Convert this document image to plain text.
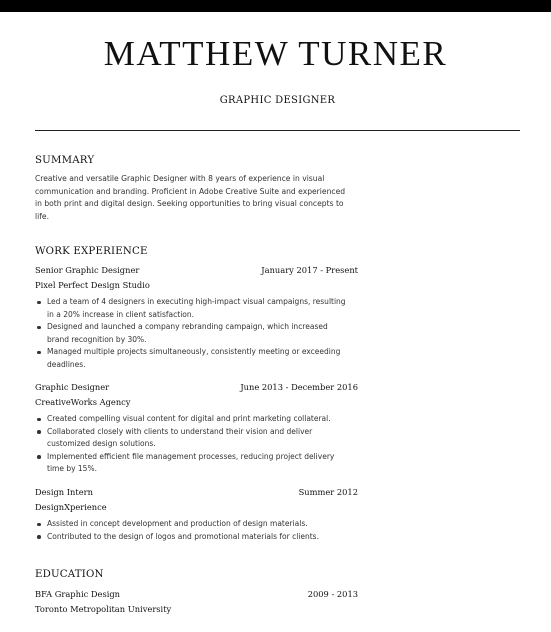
MATTHEW TURNER
GRAPHIC DESIGNER
SUMMARY
Creative and versatile Graphic Designer with 8 years of experience in visual
communication and branding. Proficient in Adobe Creative Suite and experienced
in both print and digital design. Seeking opportunities to bring visual concepts to
life.
WORK EXPERIENCE
Senior Graphic Designer	January 2017 - Present
Pixel Perfect Design Studio
Led a team of 4 designers in executing high-impact visual campaigns, resulting
in a 20% increase in client satisfaction.
Designed and launched a company rebranding campaign, which increased
brand recognition by 30%.
Managed multiple projects simultaneously, consistently meeting or exceeding
deadlines.
Graphic Designer	June 2013 - December 2016
CreativeWorks Agency
Created compelling visual content for digital and print marketing collateral.
Collaborated closely with clients to understand their vision and deliver
customized design solutions.
Implemented efficient file management processes, reducing project delivery
time by 15%.
Design Intern	Summer 2012
DesignXperience
Assisted in concept development and production of design materials.
Contributed to the design of logos and promotional materials for clients.
EDUCATION
BFA Graphic Design	2009 - 2013
Toronto Metropolitan University
